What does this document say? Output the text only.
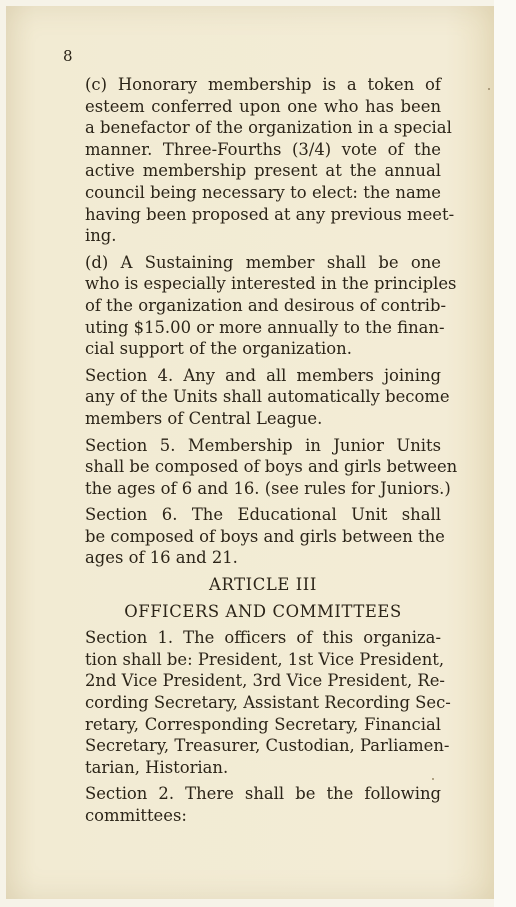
8

(c) Honorary membership is a token of
esteem conferred upon one who has been
a benefactor of the organization in a special
manner. Three-Fourths (3/4) vote of the
active membership present at the annual
council being necessary to elect: the name
having been proposed at any previous meet-
ing.

(d) A Sustaining member shall be one
who is especially interested in the principles
of the organization and desirous of contrib-
uting $15.00 or more annually to the finan-
cial support of the organization.

Section 4. Any and all members joining
any of the Units shall automatically become
members of Central League.

Section 5. Membership in Junior Units
shall be composed of boys and girls between
the ages of 6 and 16. (see rules for Juniors.)

Section 6. The Educational Unit shall
be composed of boys and girls between the
ages of 16 and 21.

ARTICLE III

OFFICERS AND COMMITTEES

Section 1. The officers of this organiza-
tion shall be: President, 1st Vice President,
2nd Vice President, 3rd Vice President, Re-
cording Secretary, Assistant Recording Sec-
retary, Corresponding Secretary, Financial
Secretary, Treasurer, Custodian, Parliamen-
tarian, Historian.

Section 2. There shall be the following
committees:
